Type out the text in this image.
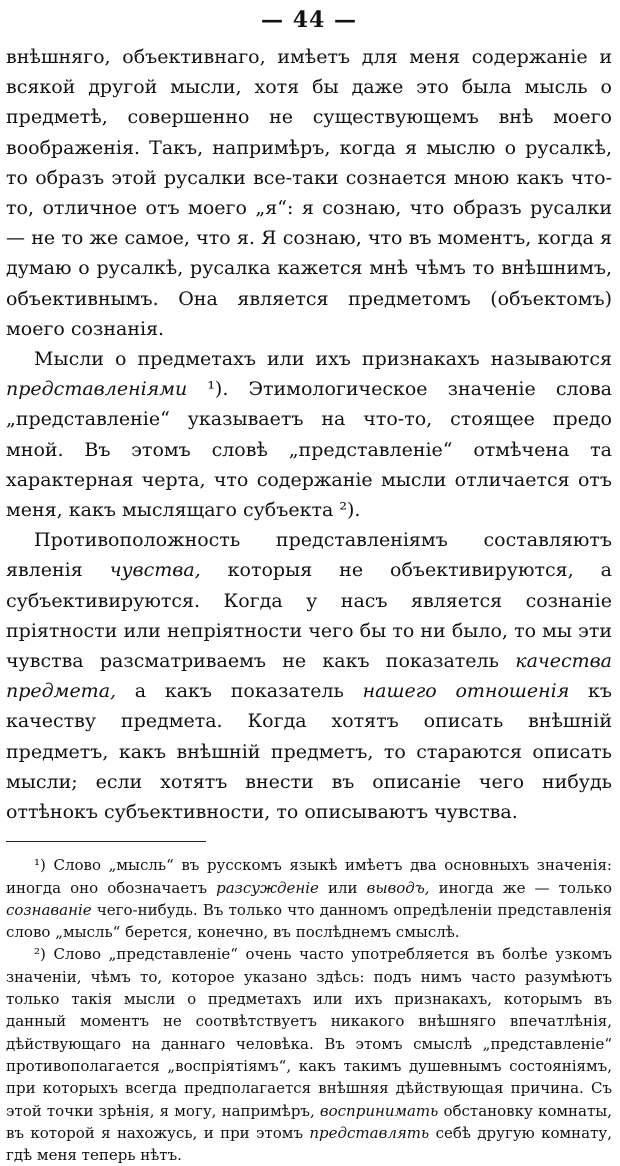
— 44 —

внѣшняго, объективнаго, имѣетъ для меня содержаніе и всякой другой мысли, хотя бы даже это была мысль о предметѣ, совершенно не существующемъ внѣ моего воображенія. Такъ, напримѣръ, когда я мыслю о русалкѣ, то образъ этой русалки все-таки сознается мною какъ что-то, отличное отъ моего „я“: я сознаю, что образъ русалки — не то же самое, что я. Я сознаю, что въ моментъ, когда я думаю о русалкѣ, русалка кажется мнѣ чѣмъ то внѣшнимъ, объективнымъ. Она является предметомъ (объектомъ) моего сознанія.

Мысли о предметахъ или ихъ признакахъ называются представленіями ¹). Этимологическое значеніе слова „представленіе“ указываетъ на что-то, стоящее предо мной. Въ этомъ словѣ „представленіе“ отмѣчена та характерная черта, что содержаніе мысли отличается отъ меня, какъ мыслящаго субъекта ²).

Противоположность представленіямъ составляютъ явленія чувства, которыя не объективируются, а субъективируются. Когда у насъ является сознаніе пріятности или непріятности чего бы то ни было, то мы эти чувства разсматриваемъ не какъ показатель качества предмета, а какъ показатель нашего отношенія къ качеству предмета. Когда хотятъ описать внѣшній предметъ, какъ внѣшній предметъ, то стараются описать мысли; если хотятъ внести въ описаніе чего нибудь оттѣнокъ субъективности, то описываютъ чувства.

¹) Слово „мысль“ въ русскомъ языкѣ имѣетъ два основныхъ значенія: иногда оно обозначаетъ разсужденіе или выводъ, иногда же — только сознаваніе чего-нибудь. Въ только что данномъ опредѣленіи представленія слово „мысль“ берется, конечно, въ послѣднемъ смыслѣ.

²) Слово „представленіе“ очень часто употребляется въ болѣе узкомъ значеніи, чѣмъ то, которое указано здѣсь: подъ нимъ часто разумѣютъ только такія мысли о предметахъ или ихъ признакахъ, которымъ въ данный моментъ не соотвѣтствуетъ никакого внѣшняго впечатлѣнія, дѣйствующаго на даннаго человѣка. Въ этомъ смыслѣ „представленіе“ противополагается „воспріятіямъ“, какъ такимъ душевнымъ состояніямъ, при которыхъ всегда предполагается внѣшняя дѣйствующая причина. Съ этой точки зрѣнія, я могу, напримѣръ, воспринимать обстановку комнаты, въ которой я нахожусь, и при этомъ представлять себѣ другую комнату, гдѣ меня теперь нѣтъ.
